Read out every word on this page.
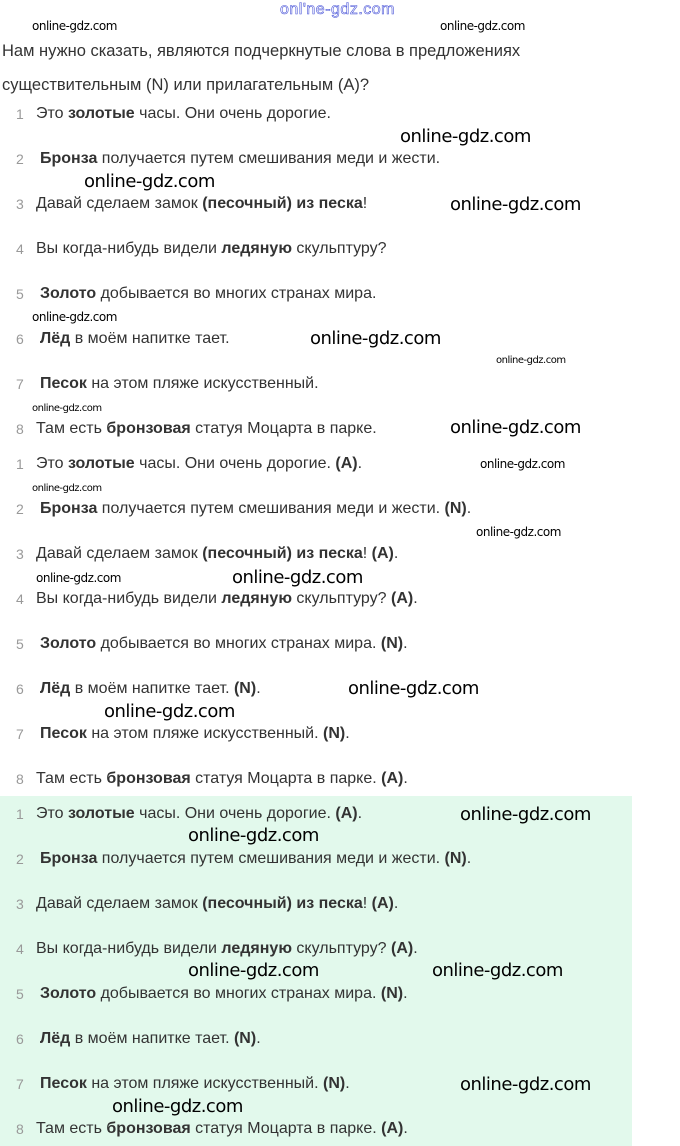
onl'ne-gdz.com
Нам нужно сказать, являются подчеркнутые слова в предложениях существительным (N) или прилагательным (A)?
1 Это золотые часы. Они очень дорогие.
2 Бронза получается путем смешивания меди и жести.
3 Давай сделаем замок (песочный) из песка!
4 Вы когда-нибудь видели ледяную скульптуру?
5 Золото добывается во многих странах мира.
6 Лёд в моём напитке тает.
7 Песок на этом пляже искусственный.
8 Там есть бронзовая статуя Моцарта в парке.
1 Это золотые часы. Они очень дорогие. (A).
2 Бронза получается путем смешивания меди и жести. (N).
3 Давай сделаем замок (песочный) из песка! (A).
4 Вы когда-нибудь видели ледяную скульптуру? (A).
5 Золото добывается во многих странах мира. (N).
6 Лёд в моём напитке тает. (N).
7 Песок на этом пляже искусственный. (N).
8 Там есть бронзовая статуя Моцарта в парке. (A).
1 Это золотые часы. Они очень дорогие. (A).
2 Бронза получается путем смешивания меди и жести. (N).
3 Давай сделаем замок (песочный) из песка! (A).
4 Вы когда-нибудь видели ледяную скульптуру? (A).
5 Золото добывается во многих странах мира. (N).
6 Лёд в моём напитке тает. (N).
7 Песок на этом пляже искусственный. (N).
8 Там есть бронзовая статуя Моцарта в парке. (A).
online-gdz.com	online-gdz.com
online-gdz.com
online-gdz.com
online-gdz.com
online-gdz.com
online-gdz.com
online-gdz.com
online-gdz.com
online-gdz.com
online-gdz.com
online-gdz.com
online-gdz.com
online-gdz.com	online-gdz.com
online-gdz.com
online-gdz.com
online-gdz.com
online-gdz.com
online-gdz.com	online-gdz.com
online-gdz.com
online-gdz.com
